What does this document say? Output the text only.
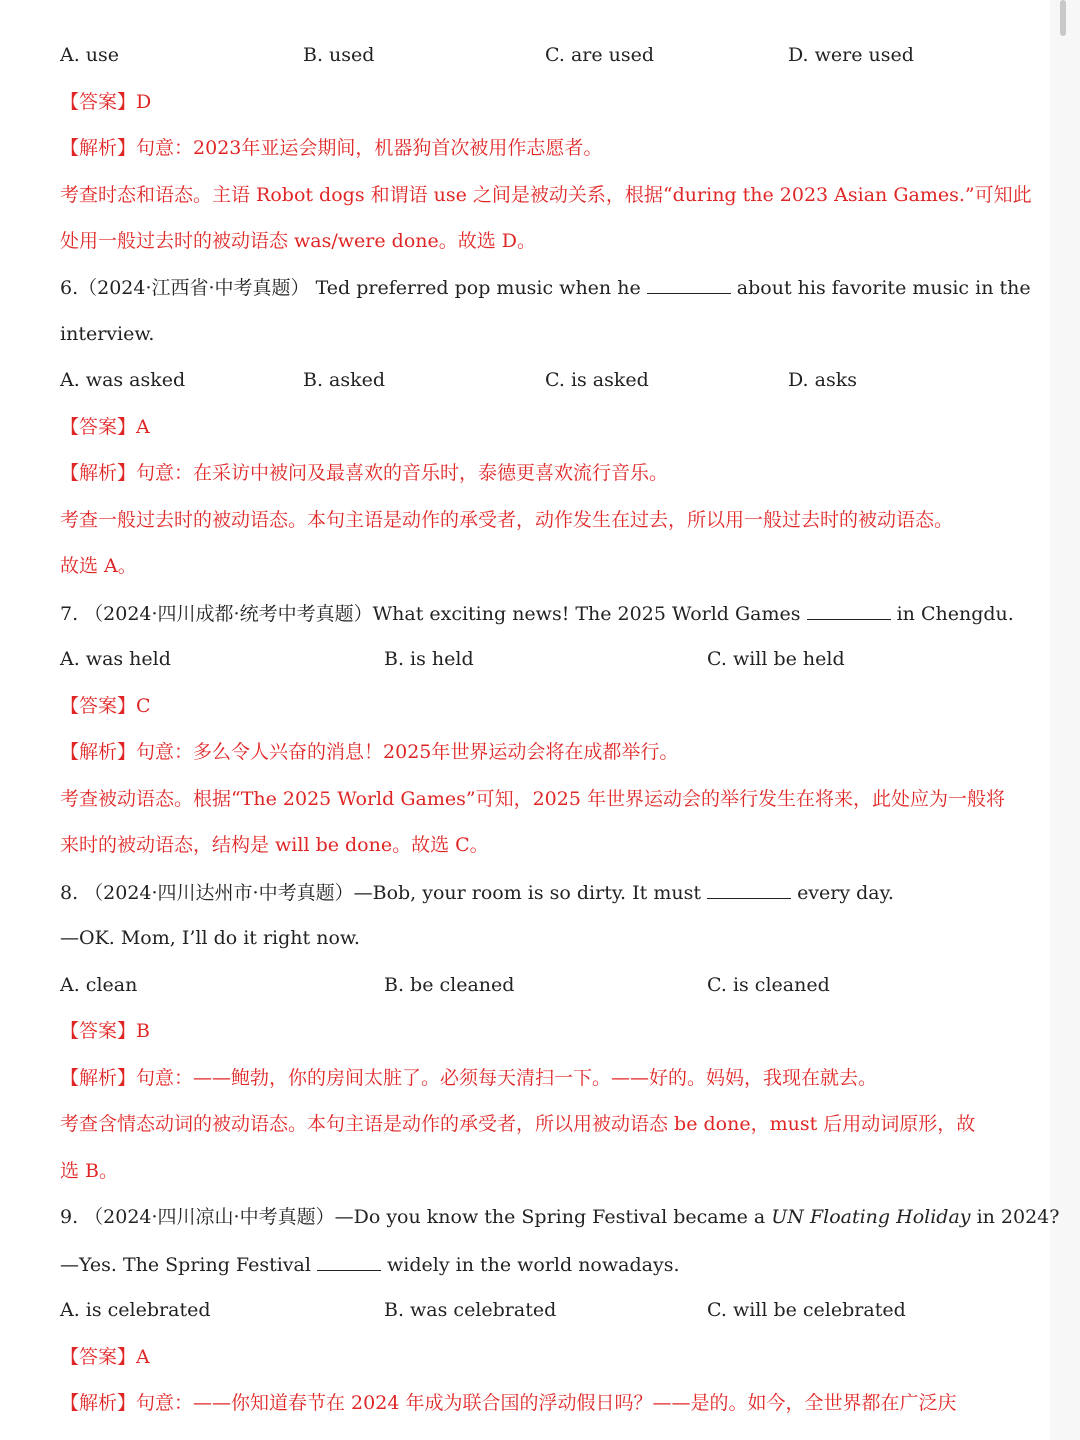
A. use	B. used	C. are used	D. were used
【答案】D
【解析】句意：2023年亚运会期间，机器狗首次被用作志愿者。
考查时态和语态。主语 Robot dogs 和谓语 use 之间是被动关系，根据“during the 2023 Asian Games.”可知此
处用一般过去时的被动语态 was/were done。故选 D。
6.（2024·江西省·中考真题） Ted preferred pop music when he	about his favorite music in the
interview.
A. was asked	B. asked	C. is asked	D. asks
【答案】A
【解析】句意：在采访中被问及最喜欢的音乐时，泰德更喜欢流行音乐。
考查一般过去时的被动语态。本句主语是动作的承受者，动作发生在过去，所以用一般过去时的被动语态。
故选 A。
7. （2024·四川成都·统考中考真题）What exciting news! The 2025 World Games	in Chengdu.
A. was held	B. is held	C. will be held
【答案】C
【解析】句意：多么令人兴奋的消息！2025年世界运动会将在成都举行。
考查被动语态。根据“The 2025 World Games”可知，2025 年世界运动会的举行发生在将来，此处应为一般将
来时的被动语态，结构是 will be done。故选 C。
8. （2024·四川达州市·中考真题）—Bob, your room is so dirty. It must	every day.
—OK. Mom, I’ll do it right now.
A. clean	B. be cleaned	C. is cleaned
【答案】B
【解析】句意：——鲍勃，你的房间太脏了。必须每天清扫一下。——好的。妈妈，我现在就去。
考查含情态动词的被动语态。本句主语是动作的承受者，所以用被动语态 be done，must 后用动词原形，故
选 B。
9. （2024·四川凉山·中考真题）—Do you know the Spring Festival became a UN Floating Holiday in 2024?
—Yes. The Spring Festival	widely in the world nowadays.
A. is celebrated	B. was celebrated	C. will be celebrated
【答案】A
【解析】句意：——你知道春节在 2024 年成为联合国的浮动假日吗？——是的。如今，全世界都在广泛庆
